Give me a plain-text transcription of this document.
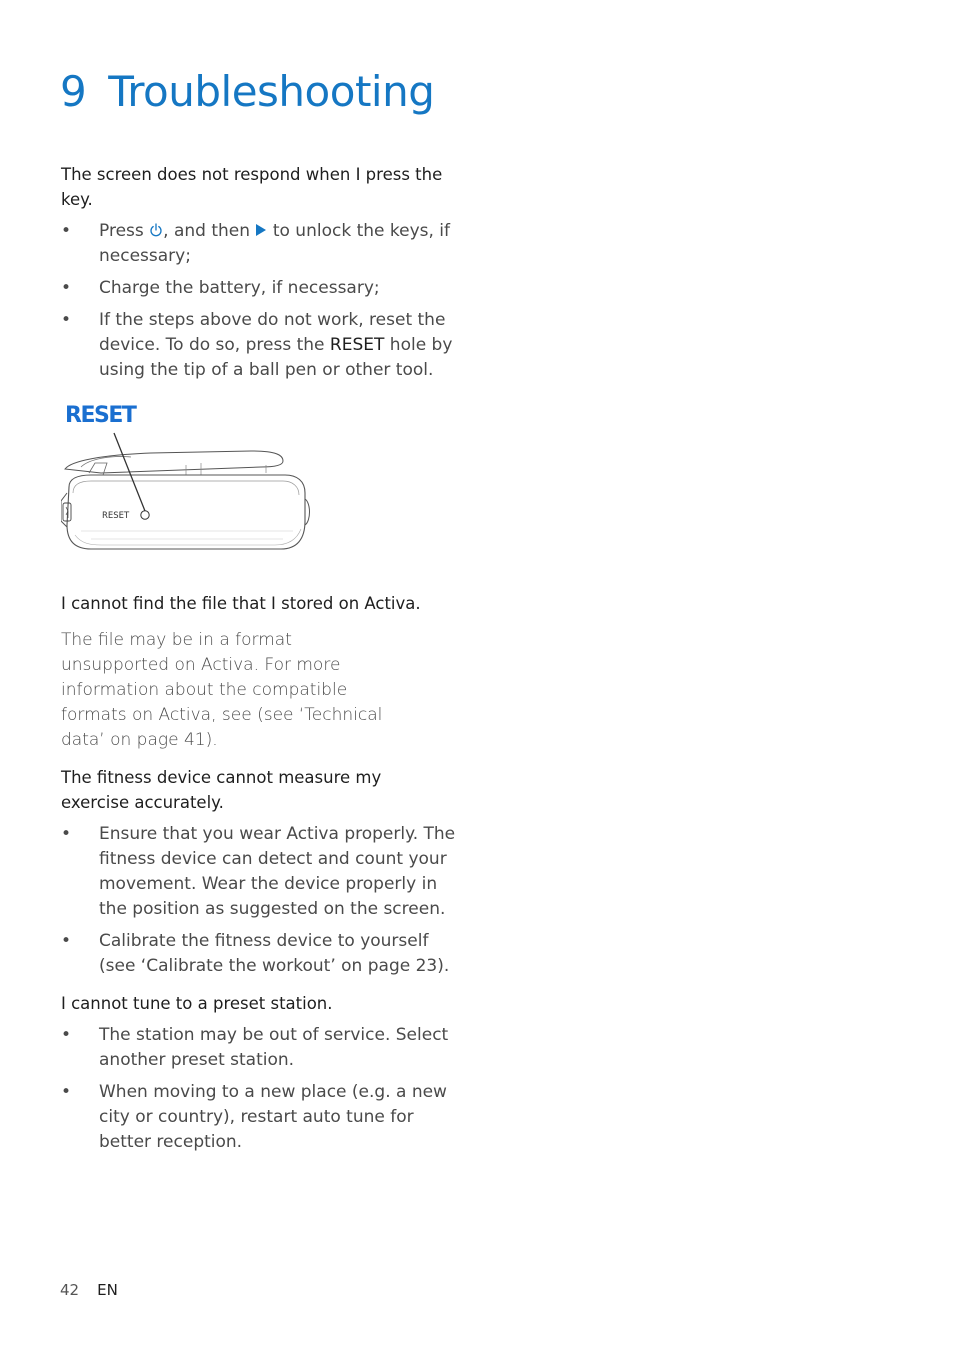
9 Troubleshooting

The screen does not respond when I press the key.

• Press , and then  to unlock the keys, if necessary;
• Charge the battery, if necessary;
• If the steps above do not work, reset the device. To do so, press the RESET hole by using the tip of a ball pen or other tool.
RESET
RESET

I cannot find the file that I stored on Activa.

The file may be in a format unsupported on Activa. For more information about the compatible formats on Activa, see (see ‘Technical data’ on page 41).

The fitness device cannot measure my exercise accurately.

• Ensure that you wear Activa properly. The fitness device can detect and count your movement. Wear the device properly in the position as suggested on the screen.
• Calibrate the fitness device to yourself (see ‘Calibrate the workout’ on page 23).

I cannot tune to a preset station.

• The station may be out of service. Select another preset station.
• When moving to a new place (e.g. a new city or country), restart auto tune for better reception.
42 EN
